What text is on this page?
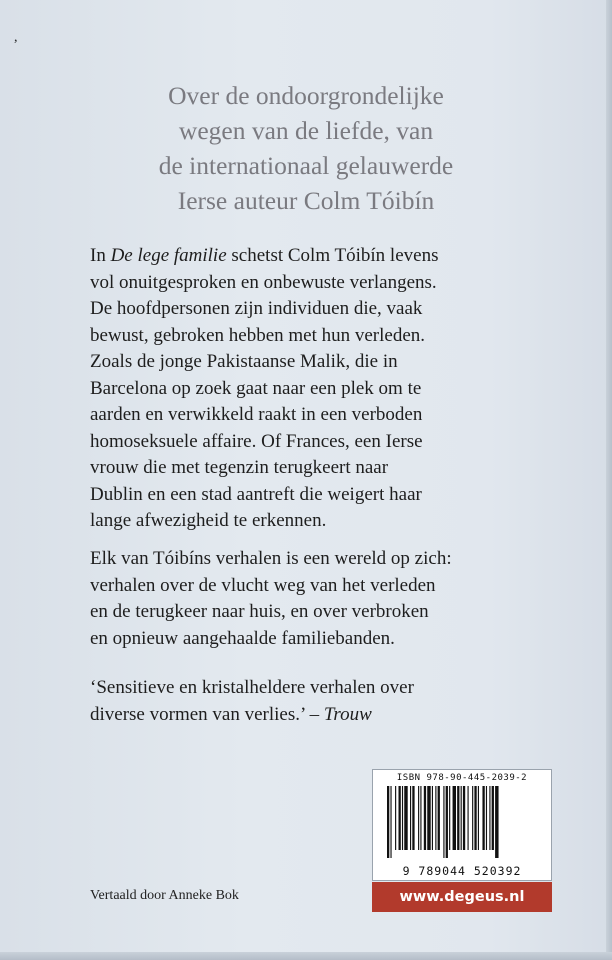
,
Over de ondoorgrondelijke
wegen van de liefde, van
de internationaal gelauwerde
Ierse auteur Colm Tóibín
In De lege familie schetst Colm Tóibín levens
vol onuitgesproken en onbewuste verlangens.
De hoofdpersonen zijn individuen die, vaak
bewust, gebroken hebben met hun verleden.
Zoals de jonge Pakistaanse Malik, die in
Barcelona op zoek gaat naar een plek om te
aarden en verwikkeld raakt in een verboden
homoseksuele affaire. Of Frances, een Ierse
vrouw die met tegenzin terugkeert naar
Dublin en een stad aantreft die weigert haar
lange afwezigheid te erkennen.
Elk van Tóibíns verhalen is een wereld op zich:
verhalen over de vlucht weg van het verleden
en de terugkeer naar huis, en over verbroken
en opnieuw aangehaalde familiebanden.
‘Sensitieve en kristalheldere verhalen over
diverse vormen van verlies.’ – Trouw
Vertaald door Anneke Bok
ISBN 978-90-445-2039-2
9 789044 520392
www.degeus.nl
